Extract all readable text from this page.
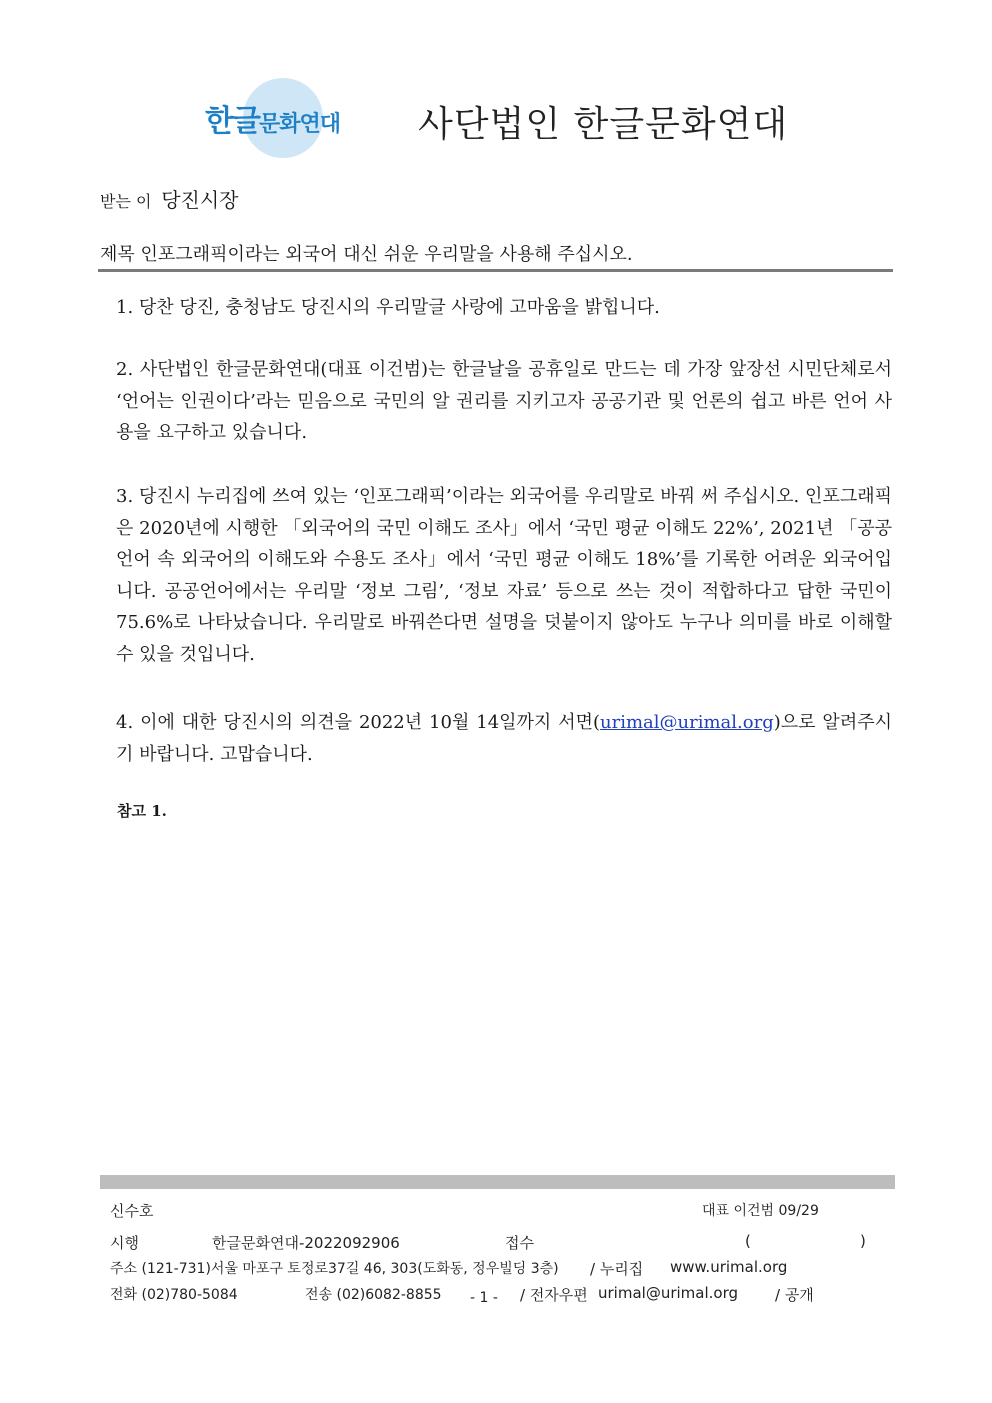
한글문화연대 사단법인 한글문화연대
받는 이 당진시장
제목 인포그래픽이라는 외국어 대신 쉬운 우리말을 사용해 주십시오.
1. 당찬 당진, 충청남도 당진시의 우리말글 사랑에 고마움을 밝힙니다.
2. 사단법인 한글문화연대(대표 이건범)는 한글날을 공휴일로 만드는 데 가장 앞장선 시민단체로서 ‘언어는 인권이다’라는 믿음으로 국민의 알 권리를 지키고자 공공기관 및 언론의 쉽고 바른 언어 사용을 요구하고 있습니다.
3. 당진시 누리집에 쓰여 있는 ‘인포그래픽’이라는 외국어를 우리말로 바꿔 써 주십시오. 인포그래픽은 2020년에 시행한 「외국어의 국민 이해도 조사」에서 ‘국민 평균 이해도 22%’, 2021년 「공공언어 속 외국어의 이해도와 수용도 조사」에서 ‘국민 평균 이해도 18%’를 기록한 어려운 외국어입니다. 공공언어에서는 우리말 ‘정보 그림’, ‘정보 자료’ 등으로 쓰는 것이 적합하다고 답한 국민이 75.6%로 나타났습니다. 우리말로 바꿔쓴다면 설명을 덧붙이지 않아도 누구나 의미를 바로 이해할 수 있을 것입니다.
4. 이에 대한 당진시의 의견을 2022년 10월 14일까지 서면(urimal@urimal.org)으로 알려주시기 바랍니다. 고맙습니다.
참고 1.
신수호	대표 이건범 09/29
시행	한글문화연대-2022092906	접수	(	)
주소 (121-731)서울 마포구 토정로37길 46, 303(도화동, 정우빌딩 3층) / 누리집 www.urimal.org
전화 (02)780-5084	전송 (02)6082-8855 - 1 - / 전자우편 urimal@urimal.org / 공개
